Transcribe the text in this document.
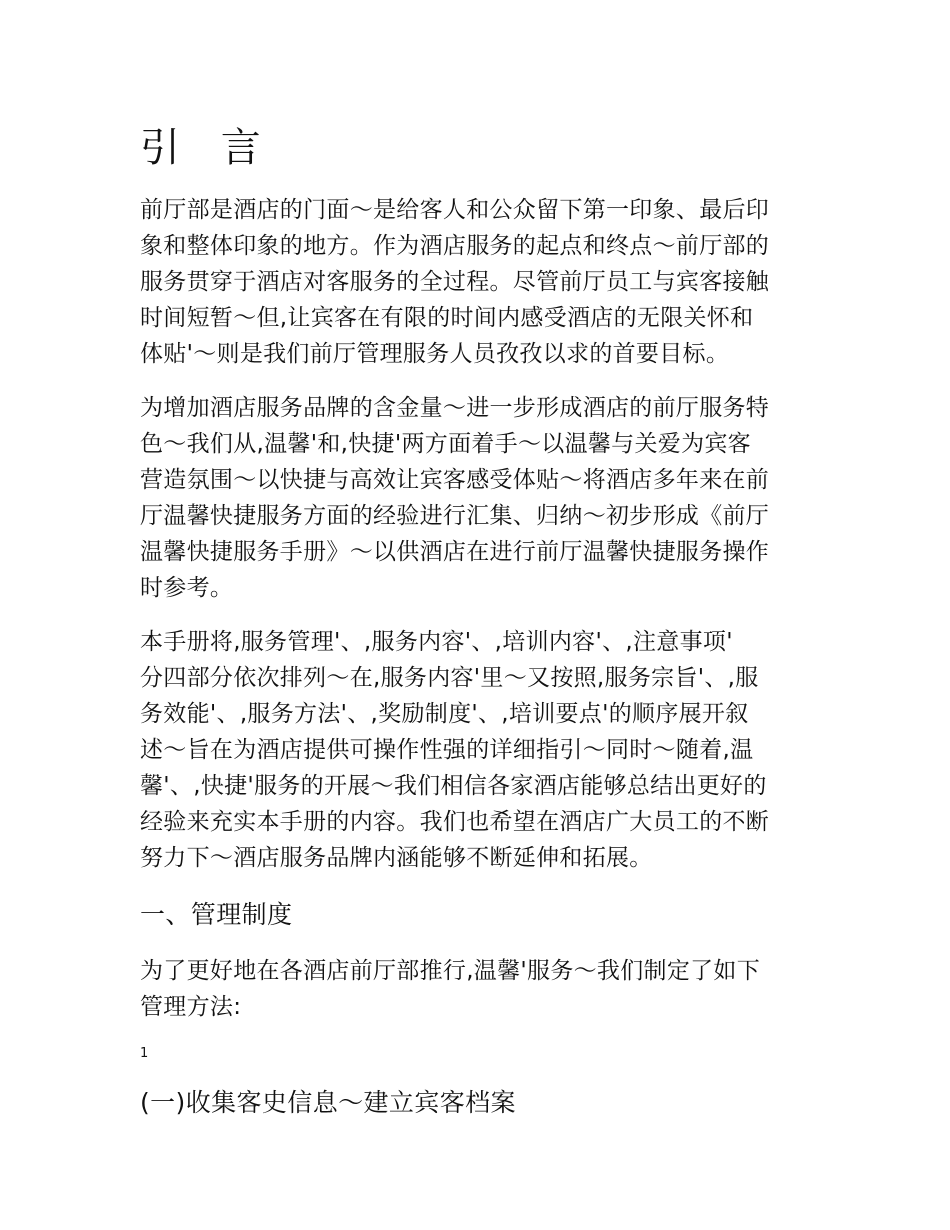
引 言

前厅部是酒店的门面～是给客人和公众留下第一印象、最后印
象和整体印象的地方。作为酒店服务的起点和终点～前厅部的
服务贯穿于酒店对客服务的全过程。尽管前厅员工与宾客接触
时间短暂～但,让宾客在有限的时间内感受酒店的无限关怀和
体贴'～则是我们前厅管理服务人员孜孜以求的首要目标。

为增加酒店服务品牌的含金量～进一步形成酒店的前厅服务特
色～我们从,温馨'和,快捷'两方面着手～以温馨与关爱为宾客
营造氛围～以快捷与高效让宾客感受体贴～将酒店多年来在前
厅温馨快捷服务方面的经验进行汇集、归纳～初步形成《前厅
温馨快捷服务手册》～以供酒店在进行前厅温馨快捷服务操作
时参考。

本手册将,服务管理'、,服务内容'、,培训内容'、,注意事项'
分四部分依次排列～在,服务内容'里～又按照,服务宗旨'、,服
务效能'、,服务方法'、,奖励制度'、,培训要点'的顺序展开叙
述～旨在为酒店提供可操作性强的详细指引～同时～随着,温
馨'、,快捷'服务的开展～我们相信各家酒店能够总结出更好的
经验来充实本手册的内容。我们也希望在酒店广大员工的不断
努力下～酒店服务品牌内涵能够不断延伸和拓展。

一、管理制度

为了更好地在各酒店前厅部推行,温馨'服务～我们制定了如下
管理方法:

1
(一)收集客史信息～建立宾客档案
